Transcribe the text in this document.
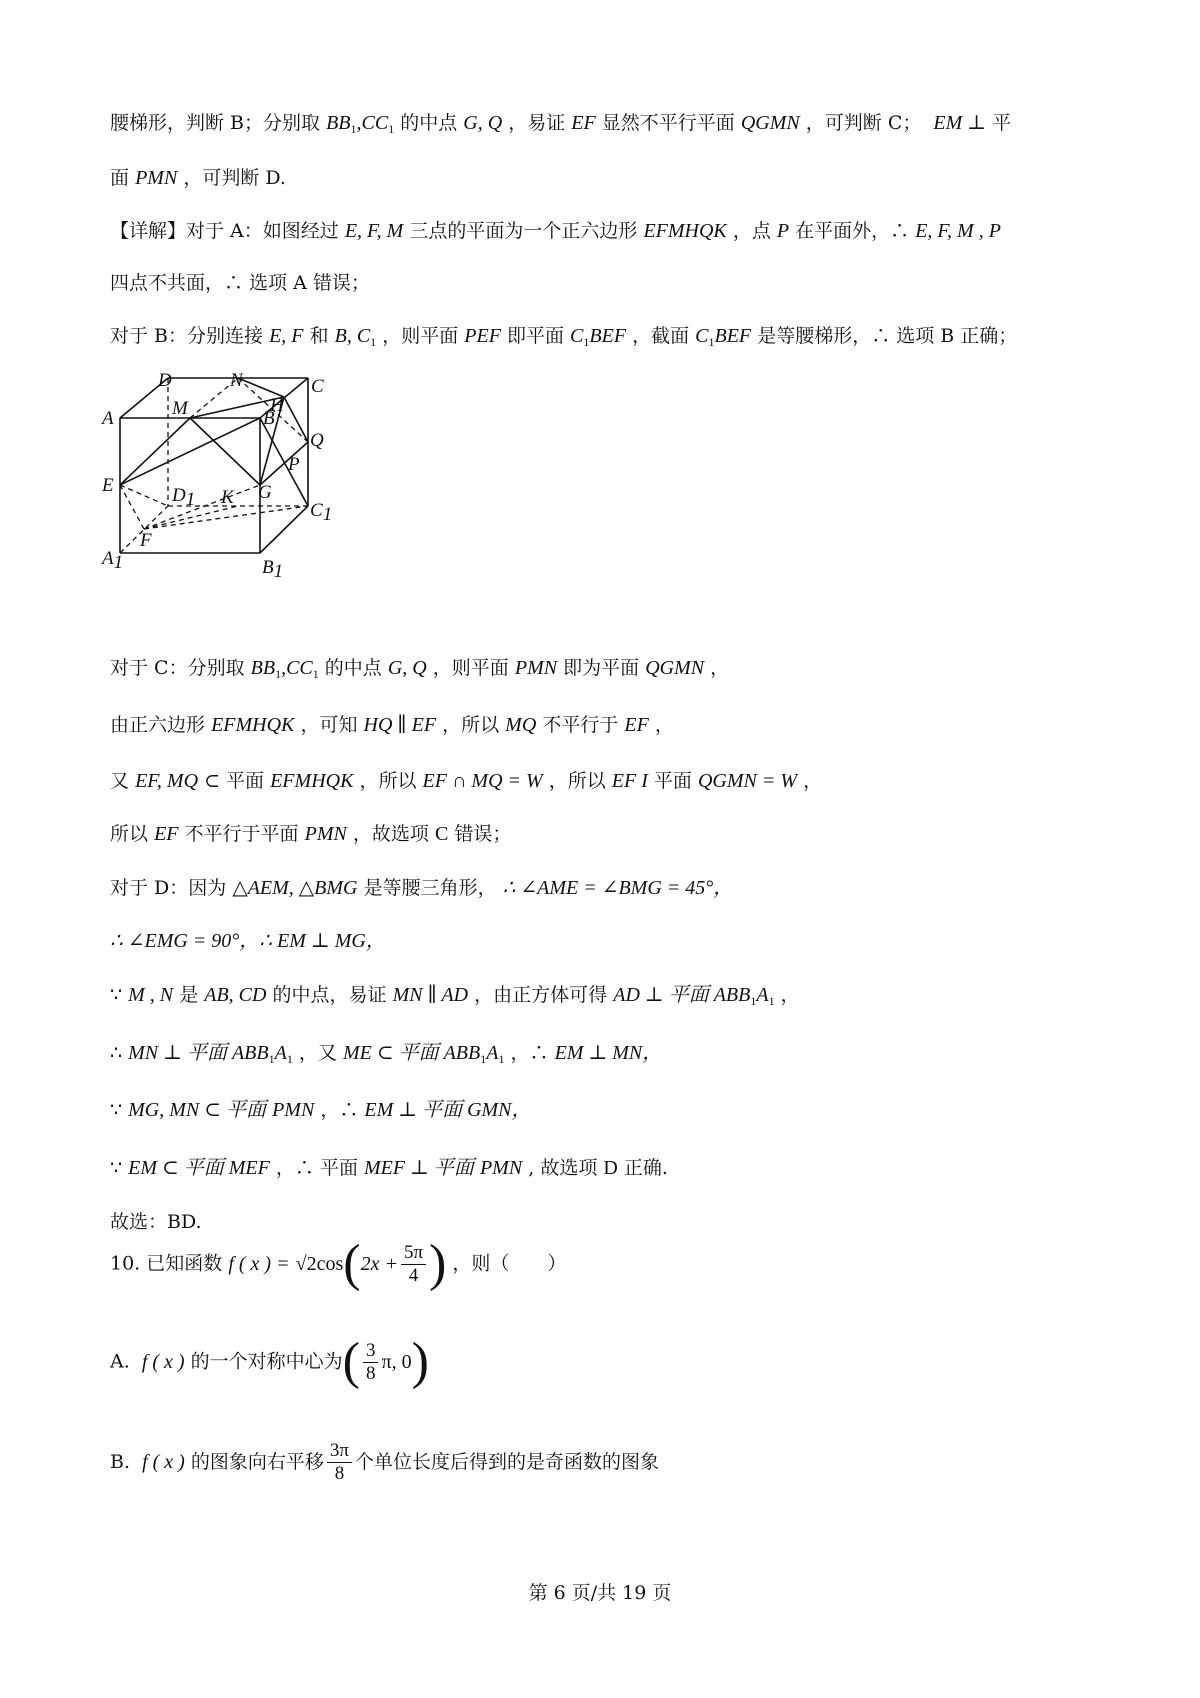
腰梯形，判断 B；分别取 $BB_1,CC_1$ 的中点 G, Q ，易证 EF 显然不平行平面 QGMN ，可判断 C； EM ⊥ 平
面 PMN ，可判断 D.
【详解】对于 A：如图经过 E, F, M 三点的平面为一个正六边形 EFMHQK ，点 P 在平面外，∴ E, F, M , P
四点不共面，∴ 选项 A 错误；
对于 B：分别连接 E, F 和 B, $C_1$ ，则平面 PEF 即平面 $C_1BEF$ ，截面 $C_1BEF$ 是等腰梯形，∴ 选项 B 正确；
D	N	C
H
A	M	B
Q
P
E	D1 K G
C1
F
A1	B1
对于 C：分别取 $BB_1,CC_1$ 的中点 G, Q ，则平面 PMN 即为平面 QGMN ，
由正六边形 EFMHQK ，可知 HQ ∥ EF ，所以 MQ 不平行于 EF ，
又 EF, MQ ⊂ 平面 EFMHQK ，所以 EF ∩ MQ = W ，所以 EF I 平面 QGMN = W ，
所以 EF 不平行于平面 PMN ，故选项 C 错误；
对于 D：因为 △AEM, △BMG 是等腰三角形， ∴ ∠AME = ∠BMG = 45°，
∴ ∠EMG = 90°，∴ EM ⊥ MG，
∵ M , N 是 AB, CD 的中点，易证 MN ∥ AD ，由正方体可得 AD ⊥ 平面 $ABB_1A_1$ ，
∴ MN ⊥ 平面 $ABB_1A_1$ ，又 ME ⊂ 平面 $ABB_1A_1$ ，∴ EM ⊥ MN，
∵ MG, MN ⊂ 平面 PMN ，∴ EM ⊥ 平面 GMN，
∵ EM ⊂ 平面 MEF ，∴ 平面 MEF ⊥ 平面 PMN , 故选项 D 正确.
故选：BD.
10. 已知函数 f ( x ) = $√2\cos(2x + \frac{5\pi}{4}$ ) ，则（　　）
A. f ( x ) 的一个对称中心为( $\frac{3}{8} \pi$, 0)
B. f ( x ) 的图象向右平移 $\frac{3\pi}{8}$ 个单位长度后得到的是奇函数的图象
第 6 页/共 19 页
